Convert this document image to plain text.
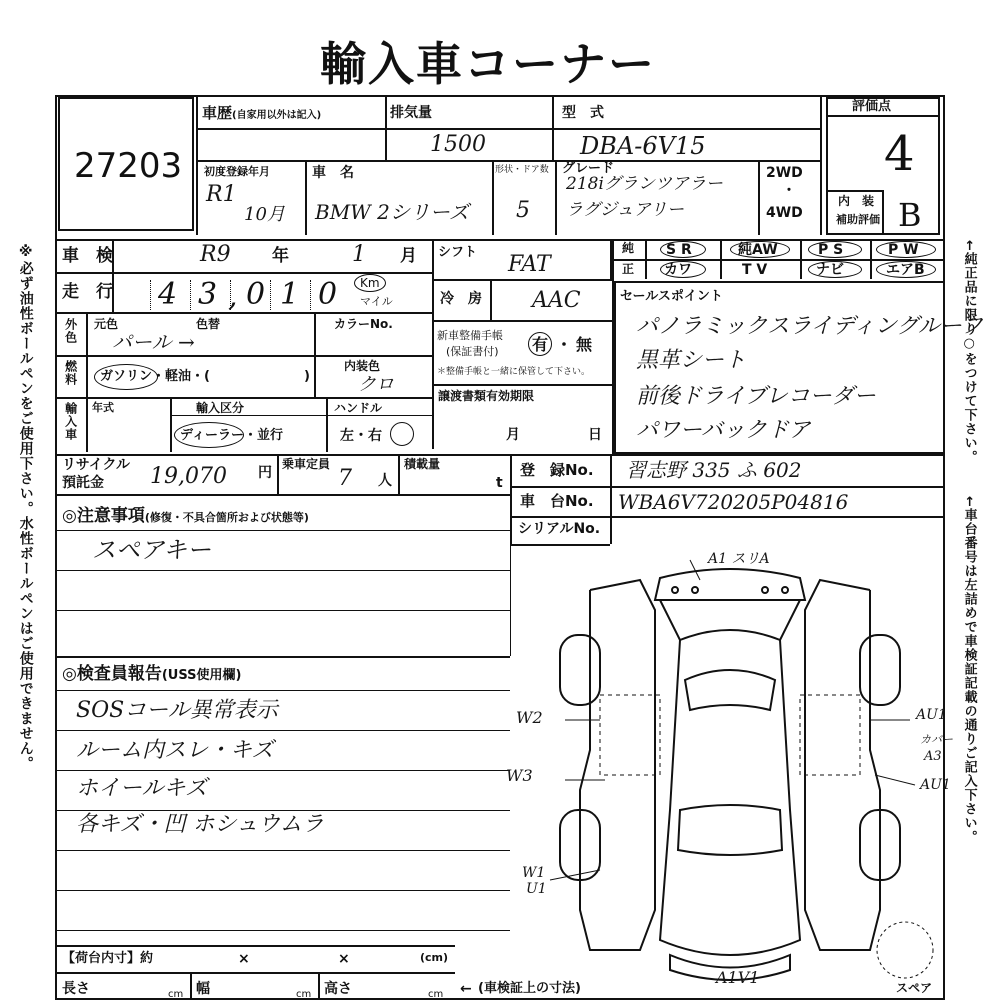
輸入車コーナー
※必ず油性ボールペンをご使用下さい。水性ボールペンはご使用できません。	←純正品に限り○をつけて下さい。
←車台番号は左詰めで車検証記載の通りご記入下さい。
27203
車歴(自家用以外は記入)	排気量
1500
型　式
DBA-6V15
初度登録年月
R1
10月
車　名
BMW 2シリーズ
形状・ドア数
5
グレード
218iグランツアラー
ラグジュアリー
2WD
・
4WD
評価点
4
内　装
補助評価 B
車　検	R9 年	1 月
走　行 4 3 , 0 1 0 Km
マイル
シフト FAT
純
正
S R	純AW	P S	P W
カワ	T V	ナビ	エアB
外色 元色	色替	カラーNo.
パール →
燃料 ガソリン・軽油・(	)
内装色
クロ
輸入車 年式	輸入区分	ハンドル
ディーラー・並行	左・右
冷　房 AAC
新車整備手帳
(保証書付) 有 ・ 無
＊整備手帳と一緒に保管して下さい。
譲渡書類有効期限
月	日
セールスポイント
パノラミックスライディングルーフ
黒革シート
前後ドライブレコーダー
パワーバックドア
リサイクル
預託金 19,070 円
乗車定員
7 人
積載量
t
登　録No. 習志野 335 ふ 602
車　台No. WBA6V720205P04816
シリアルNo.
◎注意事項(修復・不具合箇所および状態等)
スペアキー
◎検査員報告(USS使用欄)
SOSコール異常表示
ルーム内スレ・キズ
ホイールキズ
各キズ・凹 ホシュウムラ
A1 スリA
W2
W3
W1
U1
AU1
カバー
A3
AU1
A1V1
スペア
【荷台内寸】約	×	×	(cm)
長さ	cm 幅	cm 高さ	cm ← (車検証上の寸法)
